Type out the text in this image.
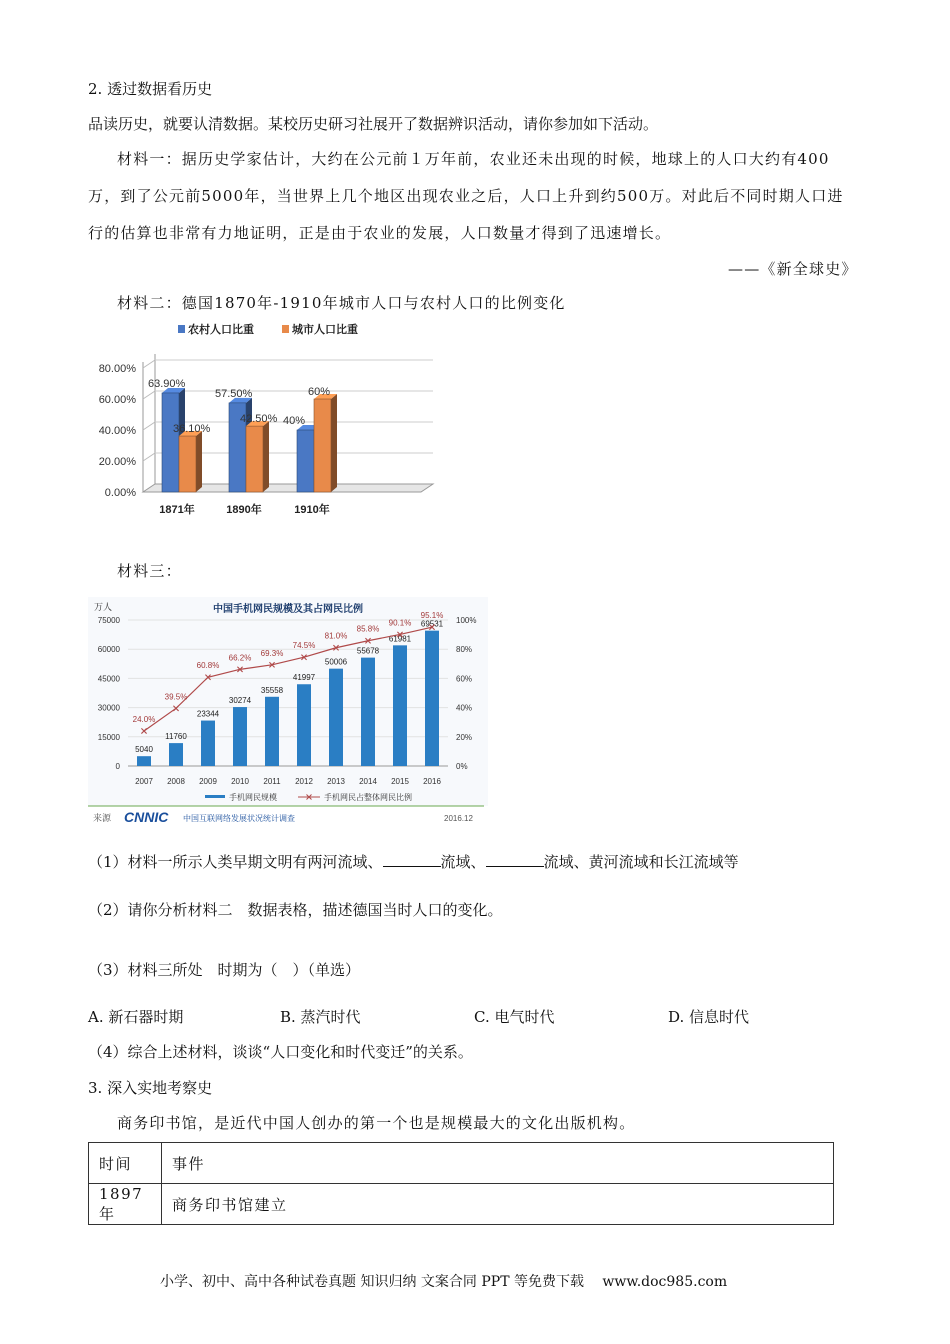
2. 透过数据看历史
品读历史，就要认清数据。某校历史研习社展开了数据辨识活动，请你参加如下活动。
材料一：据历史学家估计，大约在公元前１万年前，农业还未出现的时候，地球上的人口大约有400
万，到了公元前5000年，当世界上几个地区出现农业之后，人口上升到约500万。对此后不同时期人口进
行的估算也非常有力地证明，正是由于农业的发展，人口数量才得到了迅速增长。
——《新全球史》
材料二：德国1870年-1910年城市人口与农村人口的比例变化
农村人口比重	城市人口比重
0.00%
20.00%
40.00%
60.00%
80.00%
63.90%
36.10%
57.50%
42.50% 40%
60%
1871年	1890年	1910年
材料三：
中国手机网民规模及其占网民比例
万人
0
15000
30000
45000
60000
75000
0%
20%
40%
60%
80%
100%
5040
11760
23344
30274
35558
41997
50006
55678
61981
69531
24.0%
39.5%
60.8%
66.2%
69.3%
74.5%
81.0%
85.8%
90.1%
95.1%
2007 2008 2009 2010 2011 2012 2013 2014 2015 2016
手机网民规模	手机网民占整体网民比例
来源 CNNIC 中国互联网络发展状况统计调查	2016.12
（1）材料一所示人类早期文明有两河流域、	流域、	流域、黄河流域和长江流域等
（2）请你分析材料二　数据表格，描述德国当时人口的变化。
（3）材料三所处　时期为（　）（单选）
A. 新石器时期	B. 蒸汽时代	C. 电气时代	D. 信息时代
（4）综合上述材料，谈谈“人口变化和时代变迁”的关系。
3. 深入实地考察史
商务印书馆，是近代中国人创办的第一个也是规模最大的文化出版机构。
时间	事件
1897 年	商务印书馆建立
小学、初中、高中各种试卷真题 知识归纳 文案合同 PPT 等免费下载　 www.doc985.com
